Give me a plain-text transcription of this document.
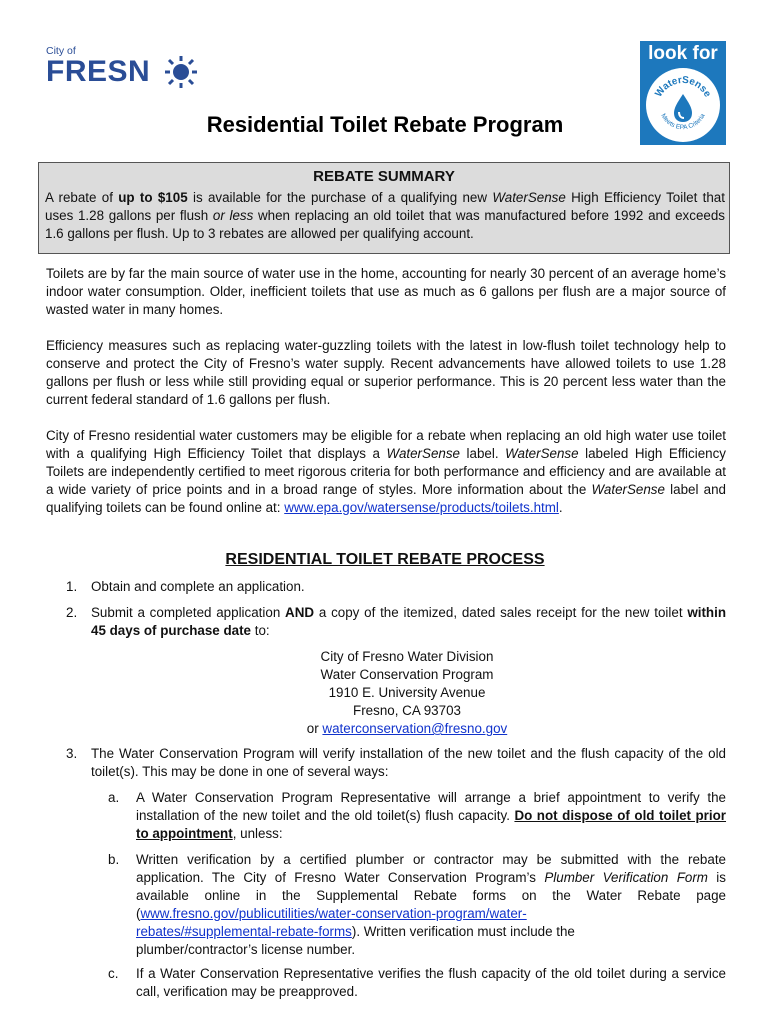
City of
FRESN
look for
WaterSense
Meets EPA Criteria
Residential Toilet Rebate Program
REBATE SUMMARY

A rebate of up to $105 is available for the purchase of a qualifying new WaterSense High Efficiency Toilet that uses 1.28 gallons per flush or less when replacing an old toilet that was manufactured before 1992 and exceeds 1.6 gallons per flush. Up to 3 rebates are allowed per qualifying account.

Toilets are by far the main source of water use in the home, accounting for nearly 30 percent of an average home’s indoor water consumption. Older, inefficient toilets that use as much as 6 gallons per flush are a major source of wasted water in many homes.

Efficiency measures such as replacing water-guzzling toilets with the latest in low-flush toilet technology help to conserve and protect the City of Fresno’s water supply. Recent advancements have allowed toilets to use 1.28 gallons per flush or less while still providing equal or superior performance. This is 20 percent less water than the current federal standard of 1.6 gallons per flush.

City of Fresno residential water customers may be eligible for a rebate when replacing an old high water use toilet with a qualifying High Efficiency Toilet that displays a WaterSense label. WaterSense labeled High Efficiency Toilets are independently certified to meet rigorous criteria for both performance and efficiency and are available at a wide variety of price points and in a broad range of styles. More information about the WaterSense label and qualifying toilets can be found online at: www.epa.gov/watersense/products/toilets.html.

RESIDENTIAL TOILET REBATE PROCESS
1. Obtain and complete an application.
2. Submit a completed application AND a copy of the itemized, dated sales receipt for the new toilet within 45 days of purchase date to:
City of Fresno Water Division
Water Conservation Program
1910 E. University Avenue
Fresno, CA 93703
or waterconservation@fresno.gov
3. The Water Conservation Program will verify installation of the new toilet and the flush capacity of the old toilet(s). This may be done in one of several ways:
a. A Water Conservation Program Representative will arrange a brief appointment to verify the installation of the new toilet and the old toilet(s) flush capacity. Do not dispose of old toilet prior to appointment, unless:
b. Written verification by a certified plumber or contractor may be submitted with the rebate application. The City of Fresno Water Conservation Program’s Plumber Verification Form is available online in the Supplemental Rebate forms on the Water Rebate page (www.fresno.gov/publicutilities/water-conservation-program/water-
rebates/#supplemental-rebate-forms). Written verification must include the
plumber/contractor’s license number.
c. If a Water Conservation Representative verifies the flush capacity of the old toilet during a service call, verification may be preapproved.
